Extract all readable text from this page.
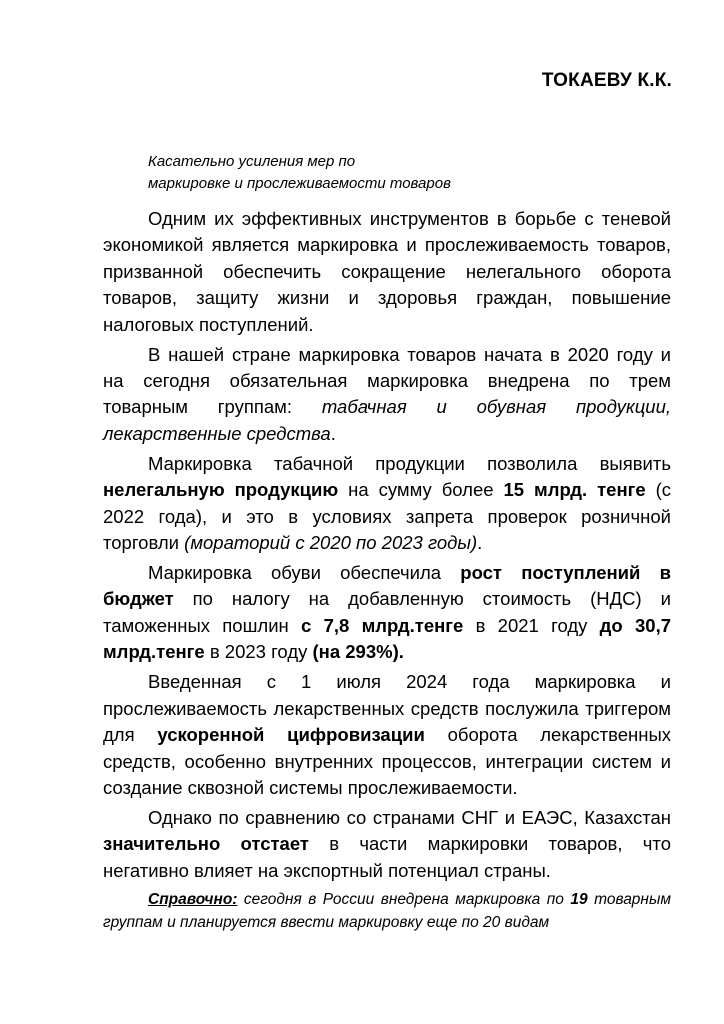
ТОКАЕВУ К.К.
Касательно усиления мер по
маркировке и прослеживаемости товаров

Одним их эффективных инструментов в борьбе с теневой экономикой является маркировка и прослеживаемость товаров, призванной обеспечить сокращение нелегального оборота товаров, защиту жизни и здоровья граждан, повышение налоговых поступлений.

В нашей стране маркировка товаров начата в 2020 году и на сегодня обязательная маркировка внедрена по трем товарным группам: табачная и обувная продукции, лекарственные средства.

Маркировка табачной продукции позволила выявить нелегальную продукцию на сумму более 15 млрд. тенге (с 2022 года), и это в условиях запрета проверок розничной торговли (мораторий с 2020 по 2023 годы).

Маркировка обуви обеспечила рост поступлений в бюджет по налогу на добавленную стоимость (НДС) и таможенных пошлин с 7,8 млрд.тенге в 2021 году до 30,7 млрд.тенге в 2023 году (на 293%).

Введенная с 1 июля 2024 года маркировка и прослеживаемость лекарственных средств послужила триггером для ускоренной цифровизации оборота лекарственных средств, особенно внутренних процессов, интеграции систем и создание сквозной системы прослеживаемости.

Однако по сравнению со странами СНГ и ЕАЭС, Казахстан значительно отстает в части маркировки товаров, что негативно влияет на экспортный потенциал страны.

Справочно: сегодня в России внедрена маркировка по 19 товарным группам и планируется ввести маркировку еще по 20 видам
